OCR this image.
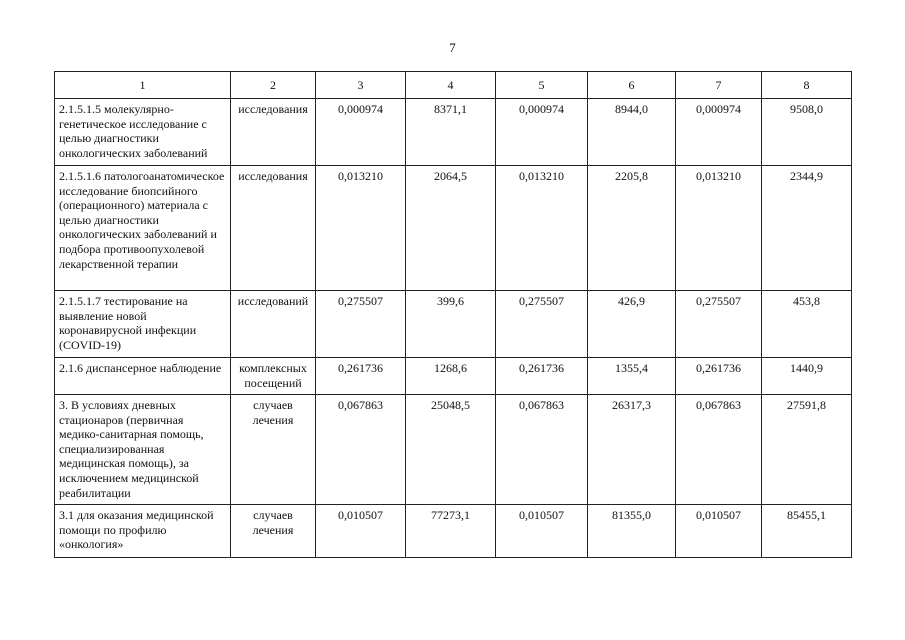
7
1	2	3	4	5	6	7	8
2.1.5.1.5 молекулярно-генетическое исследование с целью диагностики онкологических заболеваний	исследования	0,000974	8371,1	0,000974	8944,0	0,000974	9508,0
2.1.5.1.6 патологоанатомическое исследование биопсийного (операционного) материала с целью диагностики онкологических заболеваний и подбора противоопухолевой лекарственной терапии	исследования	0,013210	2064,5	0,013210	2205,8	0,013210	2344,9
2.1.5.1.7 тестирование на выявление новой коронавирусной инфекции (COVID-19)	исследований	0,275507	399,6	0,275507	426,9	0,275507	453,8
2.1.6 диспансерное наблюдение	комплексных посещений	0,261736	1268,6	0,261736	1355,4	0,261736	1440,9
3. В условиях дневных стационаров (первичная медико-санитарная помощь, специализированная медицинская помощь), за исключением медицинской реабилитации	случаев лечения	0,067863	25048,5	0,067863	26317,3	0,067863	27591,8
3.1 для оказания медицинской помощи по профилю «онкология»	случаев лечения	0,010507	77273,1	0,010507	81355,0	0,010507	85455,1
